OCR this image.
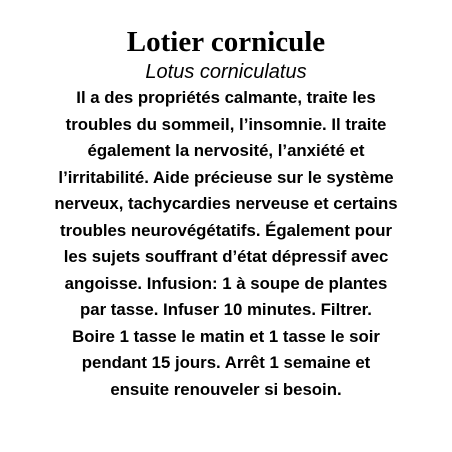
Lotier cornicule
Lotus corniculatus
Il a des propriétés calmante, traite les
troubles du sommeil, l’insomnie. Il traite
également la nervosité, l’anxiété et
l’irritabilité. Aide précieuse sur le système
nerveux, tachycardies nerveuse et certains
troubles neurovégétatifs. Également pour
les sujets souffrant d’état dépressif avec
angoisse. Infusion: 1 à soupe de plantes
par tasse. Infuser 10 minutes. Filtrer.
Boire 1 tasse le matin et 1 tasse le soir
pendant 15 jours. Arrêt 1 semaine et
ensuite renouveler si besoin.
